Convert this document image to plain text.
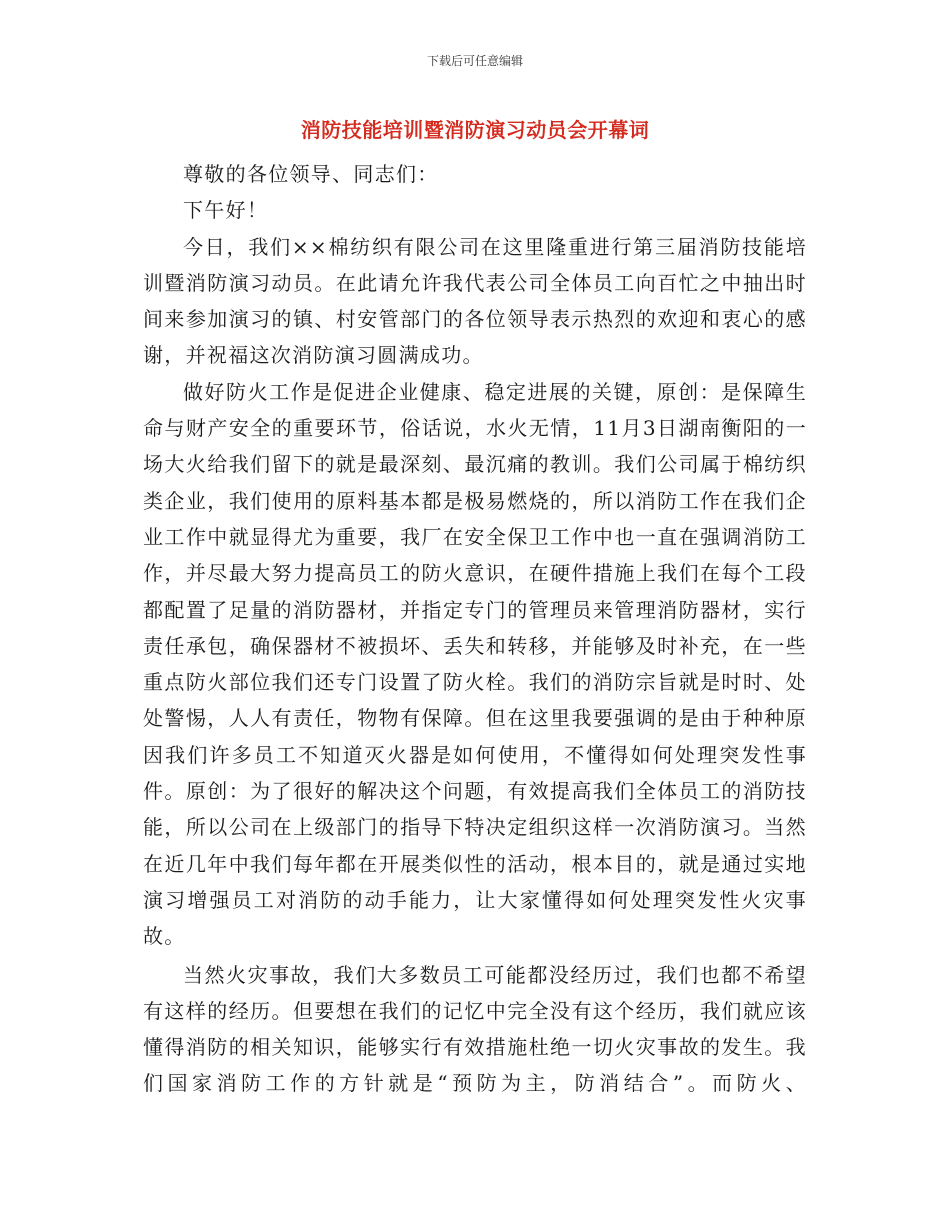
下载后可任意编辑
消防技能培训暨消防演习动员会开幕词

尊敬的各位领导、同志们：

下午好！

今日，我们××棉纺织有限公司在这里隆重进行第三届消防技能培训暨消防演习动员。在此请允许我代表公司全体员工向百忙之中抽出时间来参加演习的镇、村安管部门的各位领导表示热烈的欢迎和衷心的感谢，并祝福这次消防演习圆满成功。

做好防火工作是促进企业健康、稳定进展的关键，原创：是保障生命与财产安全的重要环节，俗话说，水火无情，11月3日湖南衡阳的一场大火给我们留下的就是最深刻、最沉痛的教训。我们公司属于棉纺织类企业，我们使用的原料基本都是极易燃烧的，所以消防工作在我们企业工作中就显得尤为重要，我厂在安全保卫工作中也一直在强调消防工作，并尽最大努力提高员工的防火意识，在硬件措施上我们在每个工段都配置了足量的消防器材，并指定专门的管理员来管理消防器材，实行责任承包，确保器材不被损坏、丢失和转移，并能够及时补充，在一些重点防火部位我们还专门设置了防火栓。我们的消防宗旨就是时时、处处警惕，人人有责任，物物有保障。但在这里我要强调的是由于种种原因我们许多员工不知道灭火器是如何使用，不懂得如何处理突发性事件。原创：为了很好的解决这个问题，有效提高我们全体员工的消防技能，所以公司在上级部门的指导下特决定组织这样一次消防演习。当然在近几年中我们每年都在开展类似性的活动，根本目的，就是通过实地演习增强员工对消防的动手能力，让大家懂得如何处理突发性火灾事故。

当然火灾事故，我们大多数员工可能都没经历过，我们也都不希望有这样的经历。但要想在我们的记忆中完全没有这个经历，我们就应该懂得消防的相关知识，能够实行有效措施杜绝一切火灾事故的发生。我们国家消防工作的方针就是“预防为主，防消结合”。而防火、
